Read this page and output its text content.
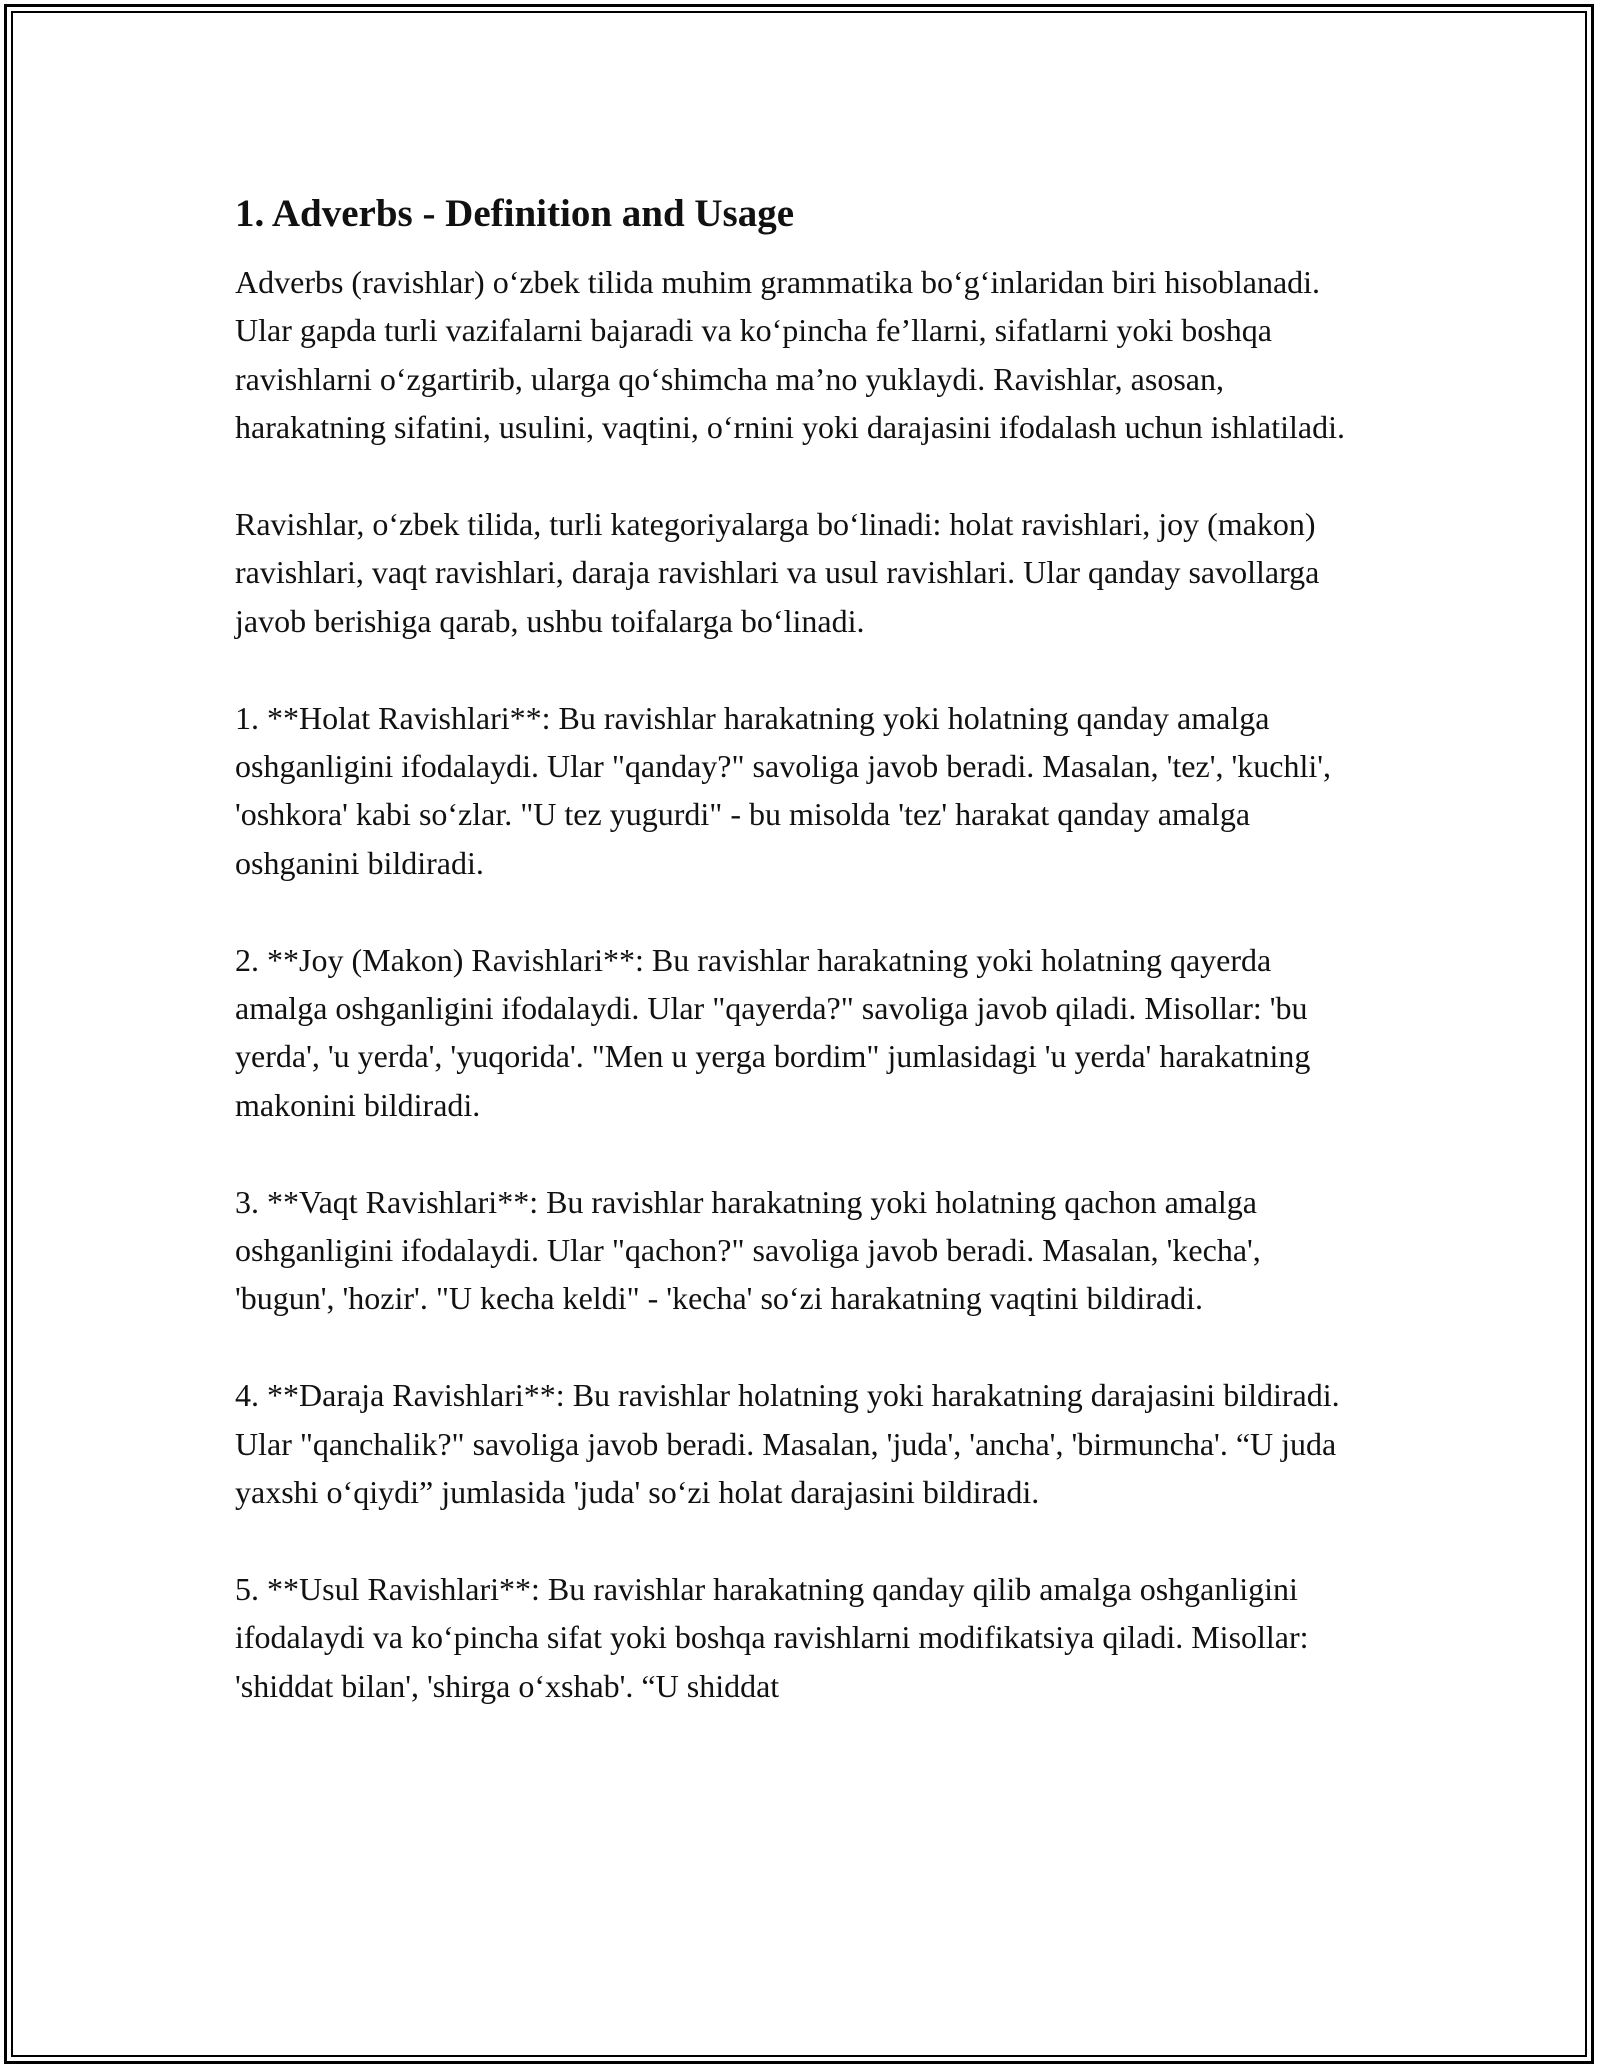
1. Adverbs - Definition and Usage

Adverbs (ravishlar) o‘zbek tilida muhim grammatika bo‘g‘inlaridan biri hisoblanadi. Ular gapda turli vazifalarni bajaradi va ko‘pincha fe’llarni, sifatlarni yoki boshqa ravishlarni o‘zgartirib, ularga qo‘shimcha ma’no yuklaydi. Ravishlar, asosan, harakatning sifatini, usulini, vaqtini, o‘rnini yoki darajasini ifodalash uchun ishlatiladi.

Ravishlar, o‘zbek tilida, turli kategoriyalarga bo‘linadi: holat ravishlari, joy (makon) ravishlari, vaqt ravishlari, daraja ravishlari va usul ravishlari. Ular qanday savollarga javob berishiga qarab, ushbu toifalarga bo‘linadi.

1. **Holat Ravishlari**: Bu ravishlar harakatning yoki holatning qanday amalga oshganligini ifodalaydi. Ular "qanday?" savoliga javob beradi. Masalan, 'tez', 'kuchli', 'oshkora' kabi so‘zlar. "U tez yugurdi" - bu misolda 'tez' harakat qanday amalga oshganini bildiradi.

2. **Joy (Makon) Ravishlari**: Bu ravishlar harakatning yoki holatning qayerda amalga oshganligini ifodalaydi. Ular "qayerda?" savoliga javob qiladi. Misollar: 'bu yerda', 'u yerda', 'yuqorida'. "Men u yerga bordim" jumlasidagi 'u yerda' harakatning makonini bildiradi.

3. **Vaqt Ravishlari**: Bu ravishlar harakatning yoki holatning qachon amalga oshganligini ifodalaydi. Ular "qachon?" savoliga javob beradi. Masalan, 'kecha', 'bugun', 'hozir'. "U kecha keldi" - 'kecha' so‘zi harakatning vaqtini bildiradi.

4. **Daraja Ravishlari**: Bu ravishlar holatning yoki harakatning darajasini bildiradi. Ular "qanchalik?" savoliga javob beradi. Masalan, 'juda', 'ancha', 'birmuncha'. “U juda yaxshi o‘qiydi” jumlasida 'juda' so‘zi holat darajasini bildiradi.

5. **Usul Ravishlari**: Bu ravishlar harakatning qanday qilib amalga oshganligini ifodalaydi va ko‘pincha sifat yoki boshqa ravishlarni modifikatsiya qiladi. Misollar: 'shiddat bilan', 'shirga o‘xshab'. “U shiddat
